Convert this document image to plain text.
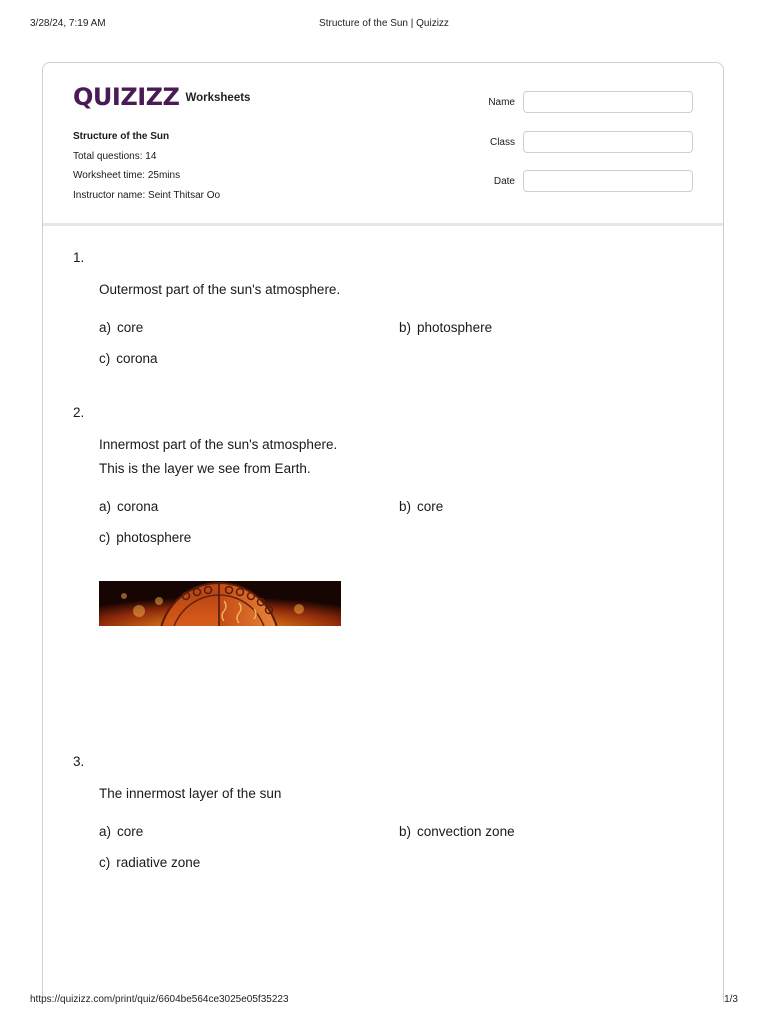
3/28/24, 7:19 AM	Structure of the Sun | Quizizz
QUIZIZZ Worksheets
Structure of the Sun
Total questions: 14
Worksheet time: 25mins
Instructor name: Seint Thitsar Oo
Name
Class
Date
1.
Outermost part of the sun's atmosphere.
a) core	b) photosphere
c) corona
2.
Innermost part of the sun's atmosphere.
This is the layer we see from Earth.
a) corona	b) core
c) photosphere
3.
The innermost layer of the sun
a) core	b) convection zone
c) radiative zone
https://quizizz.com/print/quiz/6604be564ce3025e05f35223	1/3
